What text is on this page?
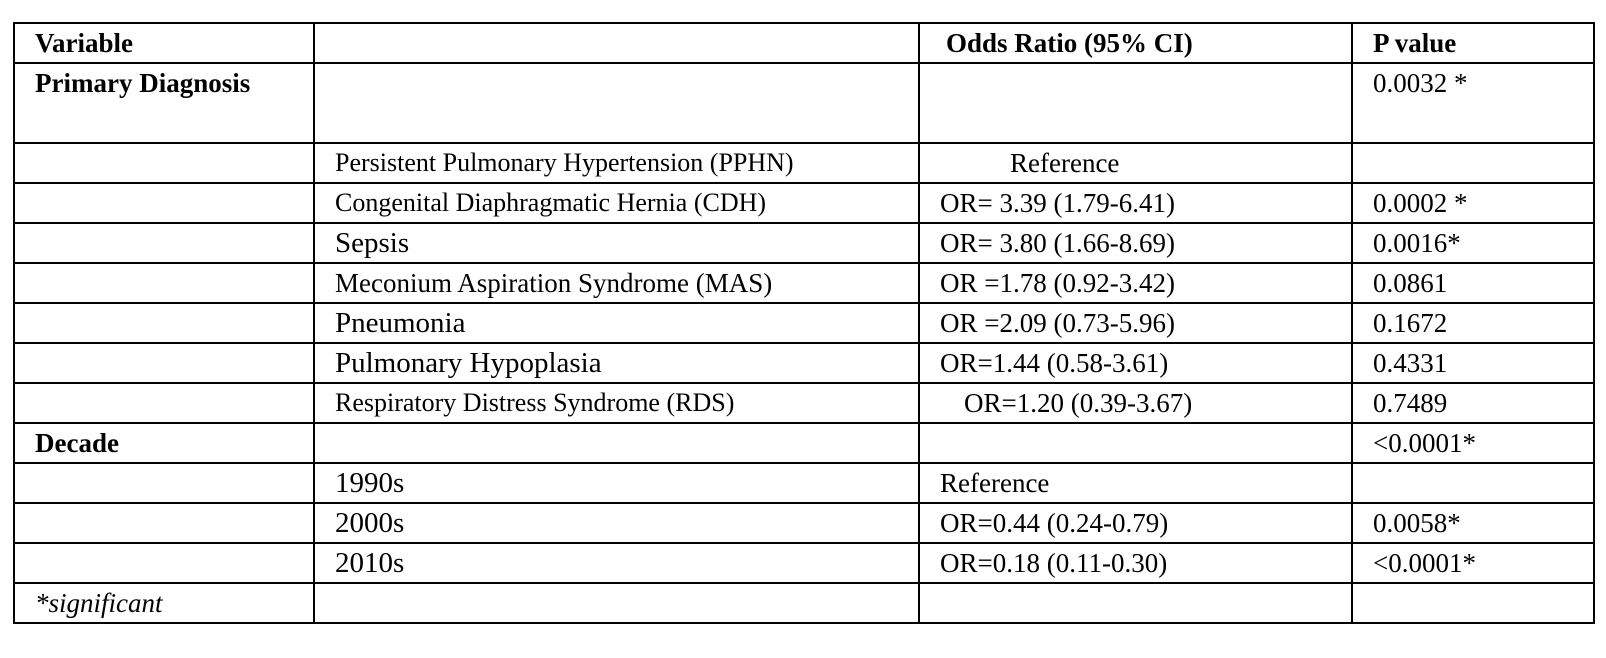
Variable		Odds Ratio (95% CI)	P value
Primary Diagnosis			0.0032 *
	Persistent Pulmonary Hypertension (PPHN)	Reference	
	Congenital Diaphragmatic Hernia (CDH)	OR= 3.39 (1.79-6.41)	0.0002 *
	Sepsis	OR= 3.80 (1.66-8.69)	0.0016*
	Meconium Aspiration Syndrome (MAS)	OR =1.78 (0.92-3.42)	0.0861
	Pneumonia	OR =2.09 (0.73-5.96)	0.1672
	Pulmonary Hypoplasia	OR=1.44 (0.58-3.61)	0.4331
	Respiratory Distress Syndrome (RDS)	OR=1.20 (0.39-3.67)	0.7489
Decade			<0.0001*
	1990s	Reference	
	2000s	OR=0.44 (0.24-0.79)	0.0058*
	2010s	OR=0.18 (0.11-0.30)	<0.0001*
*significant			
